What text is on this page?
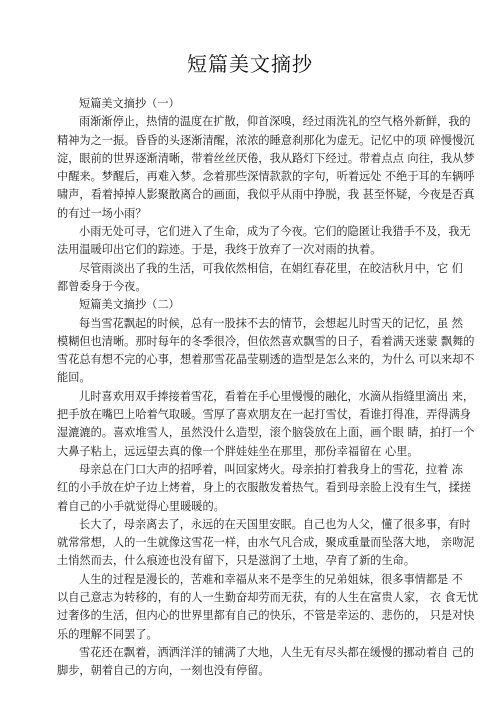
短篇美文摘抄
短篇美文摘抄（一）
雨渐渐停止，热情的温度在扩散，仰首深嗅，经过雨洗礼的空气格外新鲜，我的
精神为之一振。昏昏的头逐渐清醒，浓浓的睡意刹那化为虚无。记忆中的项 碎慢慢沉
淀，眼前的世界逐渐清晰，带着丝丝厌倦，我从路灯下经过。带着点点 向往，我从梦
中醒来。梦醒后，再难入梦。念着那些深情款款的字句，听着远处 不绝于耳的车辆呼
啸声，看着掉掉人影聚散离合的画面，我似乎从雨中挣脱，我 甚至怀疑，今夜是否真
的有过一场小雨？
小雨无处可寻，它们进入了生命，成为了今夜。它们的隐匿让我猎手不及，我无
法用温暖印出它们的踪迹。于是，我终于放弃了一次对雨的执着。
尽管雨淡出了我的生活，可我依然相信，在娟红春花里，在皎洁秋月中，它 们
都曾委身于今夜。
短篇美文摘抄（二）
每当雪花飘起的时候，总有一股抹不去的情节，会想起儿时雪天的记忆，虽 然
模糊但也清晰。那时每年的冬季很冷，但依然喜欢飘雪的日子，看着满天迷蒙 飘舞的
雪花总有想不完的心事，想着那雪花晶莹剔透的造型是怎么来的，为什么 可以来却不
能回。
儿时喜欢用双手捧接着雪花，看着在手心里慢慢的融化，水滴从指缝里滴出 来，
把手放在嘴巴上哈着气取暖。雪厚了喜欢朋友在一起打雪仗，看谁打得准，弄得满身
湿漉漉的。喜欢堆雪人，虽然没什么造型，滚个脑袋放在上面，画个眼 睛，拍打一个
大鼻子粘上，远远望去真的像一个胖娃娃坐在那里，那份幸福留在 心里。
母亲总在门口大声的招呼着，叫回家烤火。母亲拍打着我身上的雪花，拉着 冻
红的小手放在炉子边上烤着，身上的衣服散发着热气。看到母亲脸上没有生气，揉搓
着自己的小手就觉得心里暖暖的。
长大了，母亲离去了，永远的在天国里安眠。自己也为人父，懂了很多事，有时
就常常想，人的一生就像这雪花一样，由水气凡合成，聚成重量而坠落大地， 亲吻泥
土悄然而去，什么痕迹也没有留下，只是滋润了土地，孕育了新的生命。
人生的过程是漫长的，苦难和幸福从来不是孪生的兄弟姐妹，很多事情都是 不
以自己意志为转移的，有的人一生勤奋却劳而无获，有的人生在富贵人家， 衣 食无忧
过奢侈的生活，但内心的世界里都有自己的快乐，不管是幸运的、悲伤的， 只是对快
乐的理解不同罢了。
雪花还在飘着，洒洒洋洋的铺满了大地，人生无有尽头都在缓慢的挪动着自 己的
脚步，朝着自己的方向，一刻也没有停留。
